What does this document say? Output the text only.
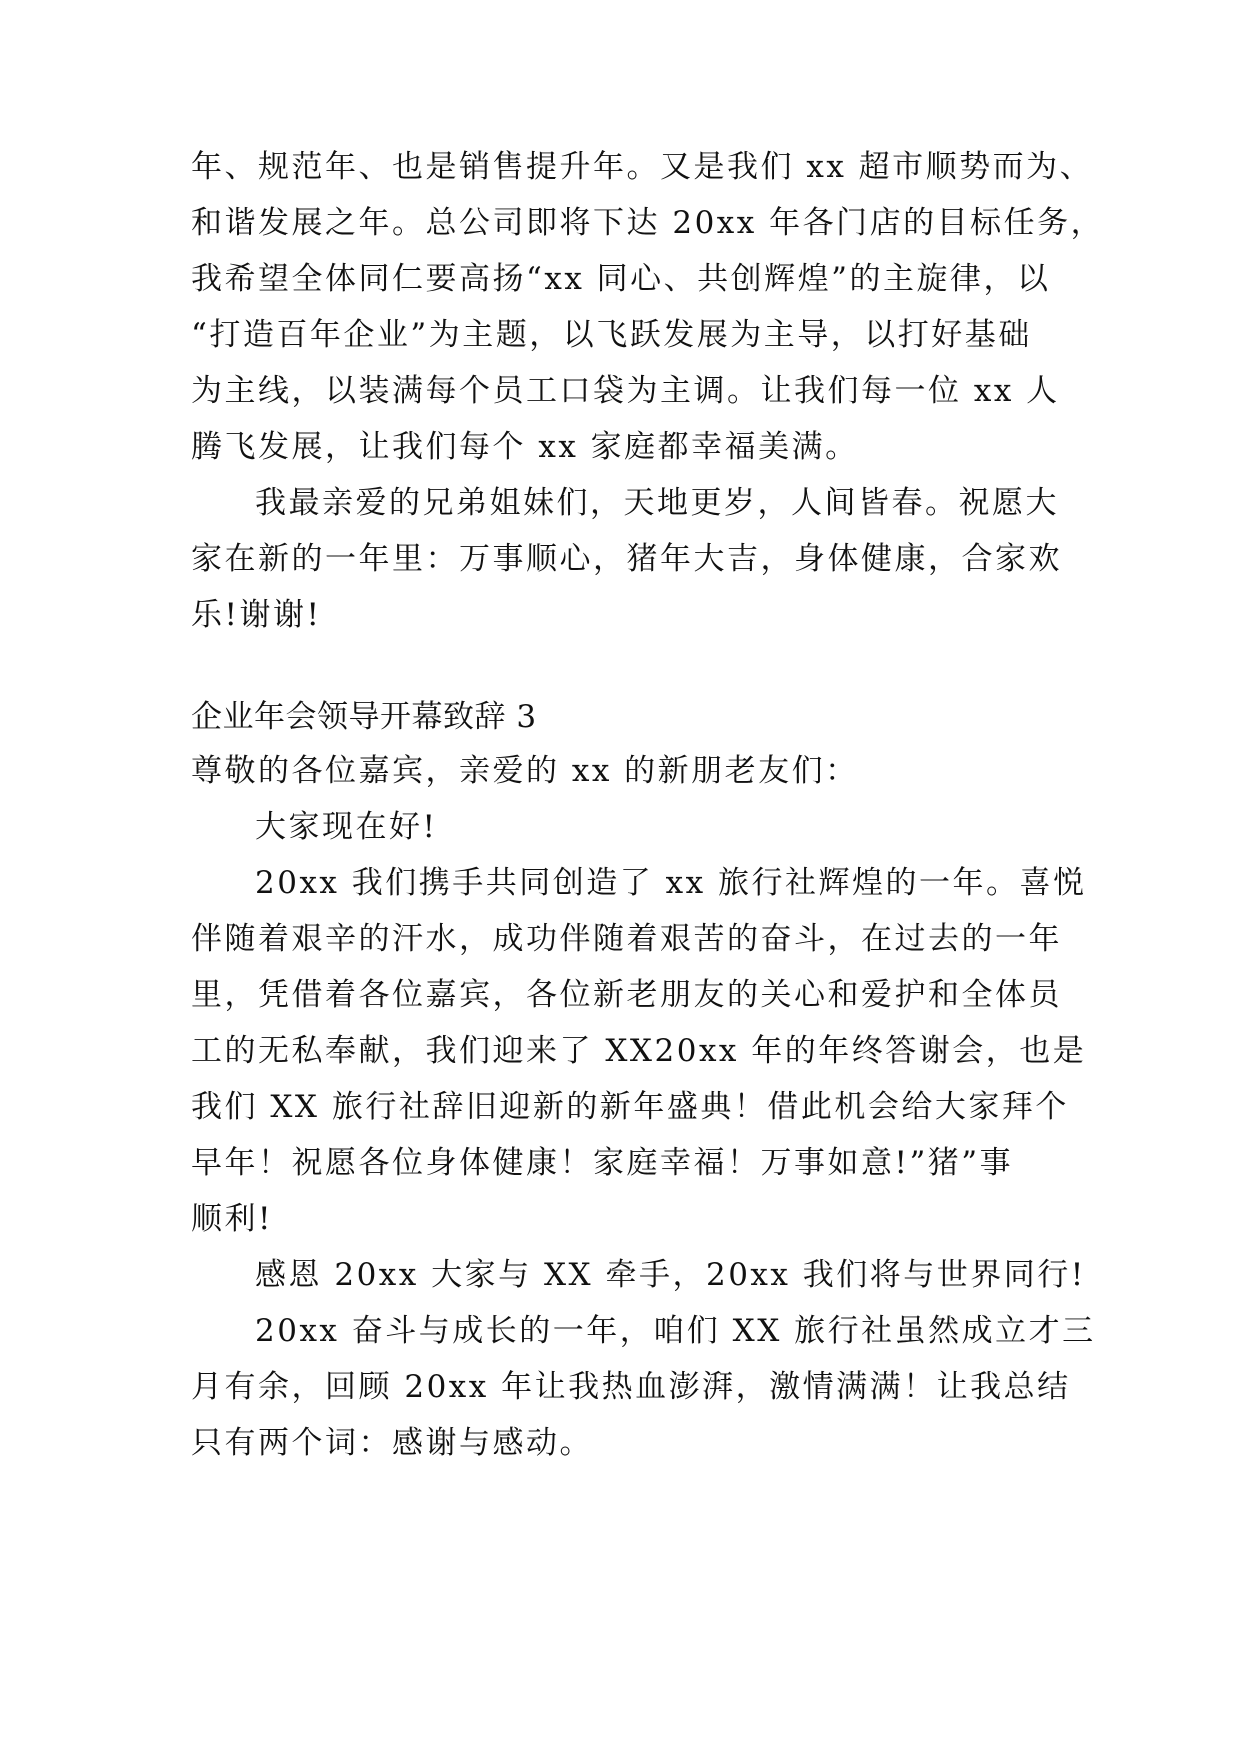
年、规范年、也是销售提升年。又是我们 xx 超市顺势而为、
和谐发展之年。总公司即将下达 20xx 年各门店的目标任务，
我希望全体同仁要高扬“xx 同心、共创辉煌”的主旋律，以
“打造百年企业”为主题，以飞跃发展为主导，以打好基础
为主线，以装满每个员工口袋为主调。让我们每一位 xx 人
腾飞发展，让我们每个 xx 家庭都幸福美满。
我最亲爱的兄弟姐妹们，天地更岁，人间皆春。祝愿大
家在新的一年里：万事顺心，猪年大吉，身体健康，合家欢
乐!谢谢!
企业年会领导开幕致辞 3
尊敬的各位嘉宾，亲爱的 xx 的新朋老友们：
大家现在好!
20xx 我们携手共同创造了 xx 旅行社辉煌的一年。喜悦
伴随着艰辛的汗水，成功伴随着艰苦的奋斗，在过去的一年
里，凭借着各位嘉宾，各位新老朋友的关心和爱护和全体员
工的无私奉献，我们迎来了 XX20xx 年的年终答谢会，也是
我们 XX 旅行社辞旧迎新的新年盛典！借此机会给大家拜个
早年！祝愿各位身体健康！家庭幸福！万事如意!”猪”事
顺利!
感恩 20xx 大家与 XX 牵手，20xx 我们将与世界同行!
20xx 奋斗与成长的一年，咱们 XX 旅行社虽然成立才三
月有余，回顾 20xx 年让我热血澎湃，激情满满！让我总结
只有两个词：感谢与感动。
